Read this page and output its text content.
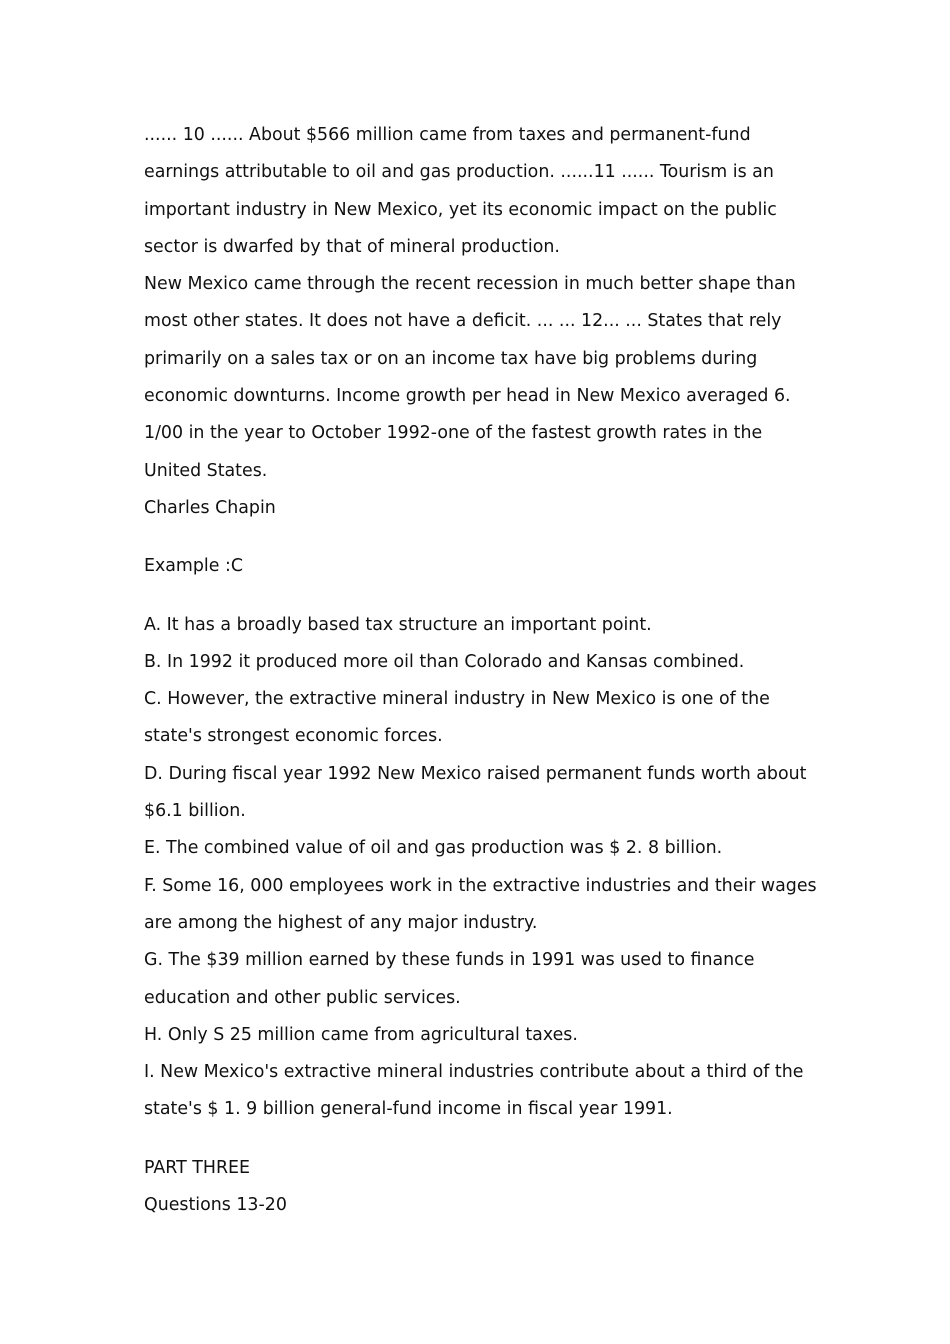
...... 10 ...... About $566 million came from taxes and permanent-fund earnings attributable to oil and gas production. ......11 ...... Tourism is an important industry in New Mexico, yet its economic impact on the public sector is dwarfed by that of mineral production.

New Mexico came through the recent recession in much better shape than most other states. It does not have a deficit. ... ... 12... ... States that rely primarily on a sales tax or on an income tax have big problems during economic downturns. Income growth per head in New Mexico averaged 6. 1/00 in the year to October 1992-one of the fastest growth rates in the United States.

Charles Chapin

Example :C

A. It has a broadly based tax structure an important point.

B. In 1992 it produced more oil than Colorado and Kansas combined.

C. However, the extractive mineral industry in New Mexico is one of the state's strongest economic forces.

D. During fiscal year 1992 New Mexico raised permanent funds worth about $6.1 billion.

E. The combined value of oil and gas production was $ 2. 8 billion.

F. Some 16, 000 employees work in the extractive industries and their wages are among the highest of any major industry.

G. The $39 million earned by these funds in 1991 was used to finance education and other public services.

H. Only S 25 million came from agricultural taxes.

I. New Mexico's extractive mineral industries contribute about a third of the state's $ 1. 9 billion general-fund income in fiscal year 1991.

PART THREE

Questions 13-20
